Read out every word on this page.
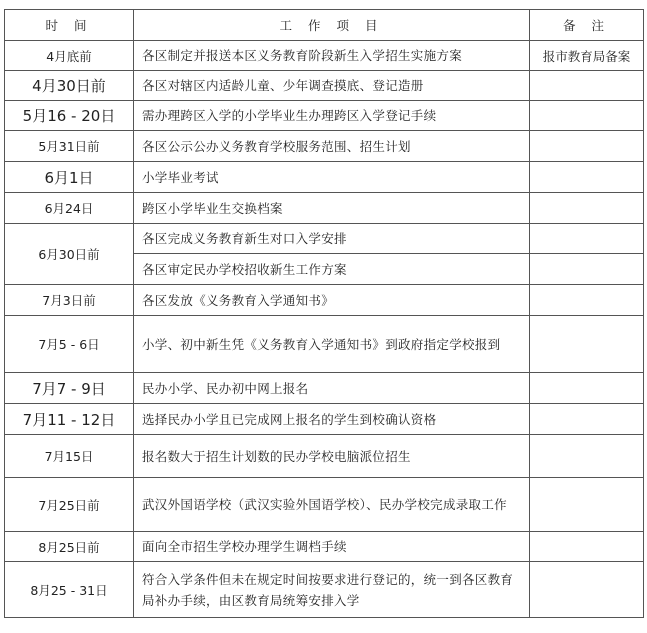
时 间	工 作 项 目	备 注
4月底前	各区制定并报送本区义务教育阶段新生入学招生实施方案	报市教育局备案
4月30日前	各区对辖区内适龄儿童、少年调查摸底、登记造册	
5月16 - 20日	需办理跨区入学的小学毕业生办理跨区入学登记手续	
5月31日前	各区公示公办义务教育学校服务范围、招生计划	
6月1日	小学毕业考试	
6月24日	跨区小学毕业生交换档案	
6月30日前	各区完成义务教育新生对口入学安排	
	各区审定民办学校招收新生工作方案	
7月3日前	各区发放《义务教育入学通知书》	
7月5 - 6日	小学、初中新生凭《义务教育入学通知书》到政府指定学校报到	
7月7 - 9日	民办小学、民办初中网上报名	
7月11 - 12日	选择民办小学且已完成网上报名的学生到校确认资格	
7月15日	报名数大于招生计划数的民办学校电脑派位招生	
7月25日前	武汉外国语学校（武汉实验外国语学校）、民办学校完成录取工作	
8月25日前	面向全市招生学校办理学生调档手续	
8月25 - 31日	符合入学条件但未在规定时间按要求进行登记的，统一到各区教育局补办手续，由区教育局统筹安排入学	
